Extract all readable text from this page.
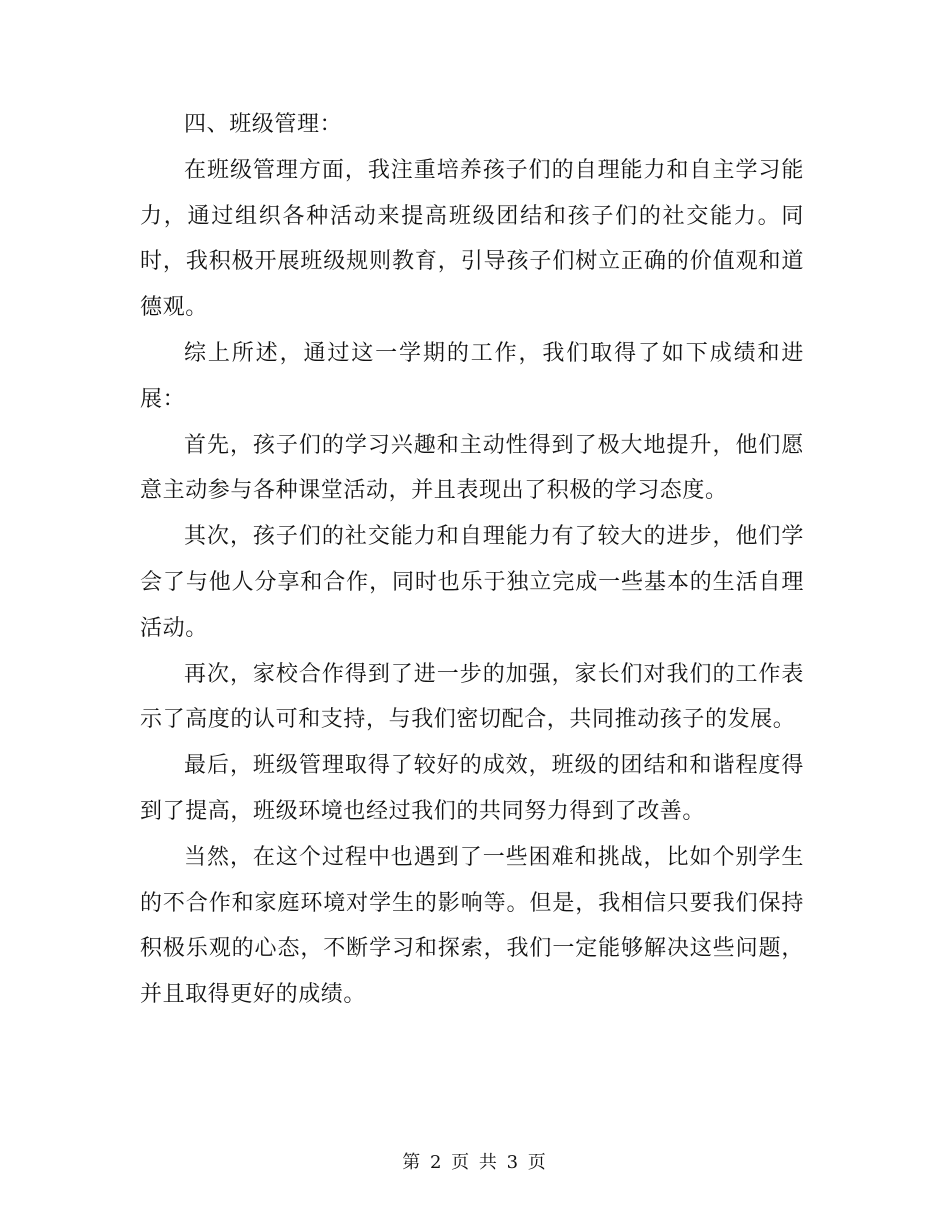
四、班级管理：

在班级管理方面，我注重培养孩子们的自理能力和自主学习能力，通过组织各种活动来提高班级团结和孩子们的社交能力。同时，我积极开展班级规则教育，引导孩子们树立正确的价值观和道德观。

综上所述，通过这一学期的工作，我们取得了如下成绩和进展：

首先，孩子们的学习兴趣和主动性得到了极大地提升，他们愿意主动参与各种课堂活动，并且表现出了积极的学习态度。

其次，孩子们的社交能力和自理能力有了较大的进步，他们学会了与他人分享和合作，同时也乐于独立完成一些基本的生活自理活动。

再次，家校合作得到了进一步的加强，家长们对我们的工作表示了高度的认可和支持，与我们密切配合，共同推动孩子的发展。

最后，班级管理取得了较好的成效，班级的团结和和谐程度得到了提高，班级环境也经过我们的共同努力得到了改善。

当然，在这个过程中也遇到了一些困难和挑战，比如个别学生的不合作和家庭环境对学生的影响等。但是，我相信只要我们保持积极乐观的心态，不断学习和探索，我们一定能够解决这些问题，并且取得更好的成绩。

第 2 页 共 3 页
